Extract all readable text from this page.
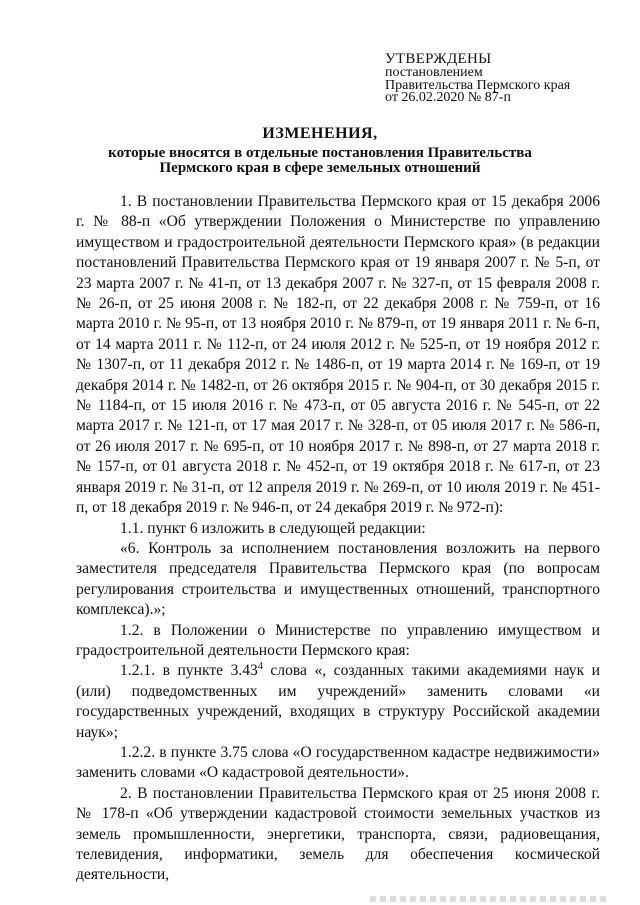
УТВЕРЖДЕНЫ
постановлением
Правительства Пермского края
от 26.02.2020 № 87-п
ИЗМЕНЕНИЯ,
которые вносятся в отдельные постановления Правительства
Пермского края в сфере земельных отношений

1. В постановлении Правительства Пермского края от 15 декабря 2006 г. № 88-п «Об утверждении Положения о Министерстве по управлению имуществом и градостроительной деятельности Пермского края» (в редакции постановлений Правительства Пермского края от 19 января 2007 г. № 5-п, от 23 марта 2007 г. № 41-п, от 13 декабря 2007 г. № 327-п, от 15 февраля 2008 г. № 26-п, от 25 июня 2008 г. № 182-п, от 22 декабря 2008 г. № 759-п, от 16 марта 2010 г. № 95-п, от 13 ноября 2010 г. № 879-п, от 19 января 2011 г. № 6-п, от 14 марта 2011 г. № 112-п, от 24 июля 2012 г. № 525-п, от 19 ноября 2012 г. № 1307-п, от 11 декабря 2012 г. № 1486-п, от 19 марта 2014 г. № 169-п, от 19 декабря 2014 г. № 1482-п, от 26 октября 2015 г. № 904-п, от 30 декабря 2015 г. № 1184-п, от 15 июля 2016 г. № 473-п, от 05 августа 2016 г. № 545-п, от 22 марта 2017 г. № 121-п, от 17 мая 2017 г. № 328-п, от 05 июля 2017 г. № 586-п, от 26 июля 2017 г. № 695-п, от 10 ноября 2017 г. № 898-п, от 27 марта 2018 г. № 157-п, от 01 августа 2018 г. № 452-п, от 19 октября 2018 г. № 617-п, от 23 января 2019 г. № 31-п, от 12 апреля 2019 г. № 269-п, от 10 июля 2019 г. № 451-п, от 18 декабря 2019 г. № 946-п, от 24 декабря 2019 г. № 972-п):

1.1. пункт 6 изложить в следующей редакции:

«6. Контроль за исполнением постановления возложить на первого заместителя председателя Правительства Пермского края (по вопросам регулирования строительства и имущественных отношений, транспортного комплекса).»;

1.2. в Положении о Министерстве по управлению имуществом и градостроительной деятельности Пермского края:

1.2.1. в пункте 3.43$^4$ слова «, созданных такими академиями наук и (или) подведомственных им учреждений» заменить словами «и государственных учреждений, входящих в структуру Российской академии наук»;

1.2.2. в пункте 3.75 слова «О государственном кадастре недвижимости» заменить словами «О кадастровой деятельности».

2. В постановлении Правительства Пермского края от 25 июня 2008 г. № 178-п «Об утверждении кадастровой стоимости земельных участков из земель промышленности, энергетики, транспорта, связи, радиовещания, телевидения, информатики, земель для обеспечения космической деятельности,
